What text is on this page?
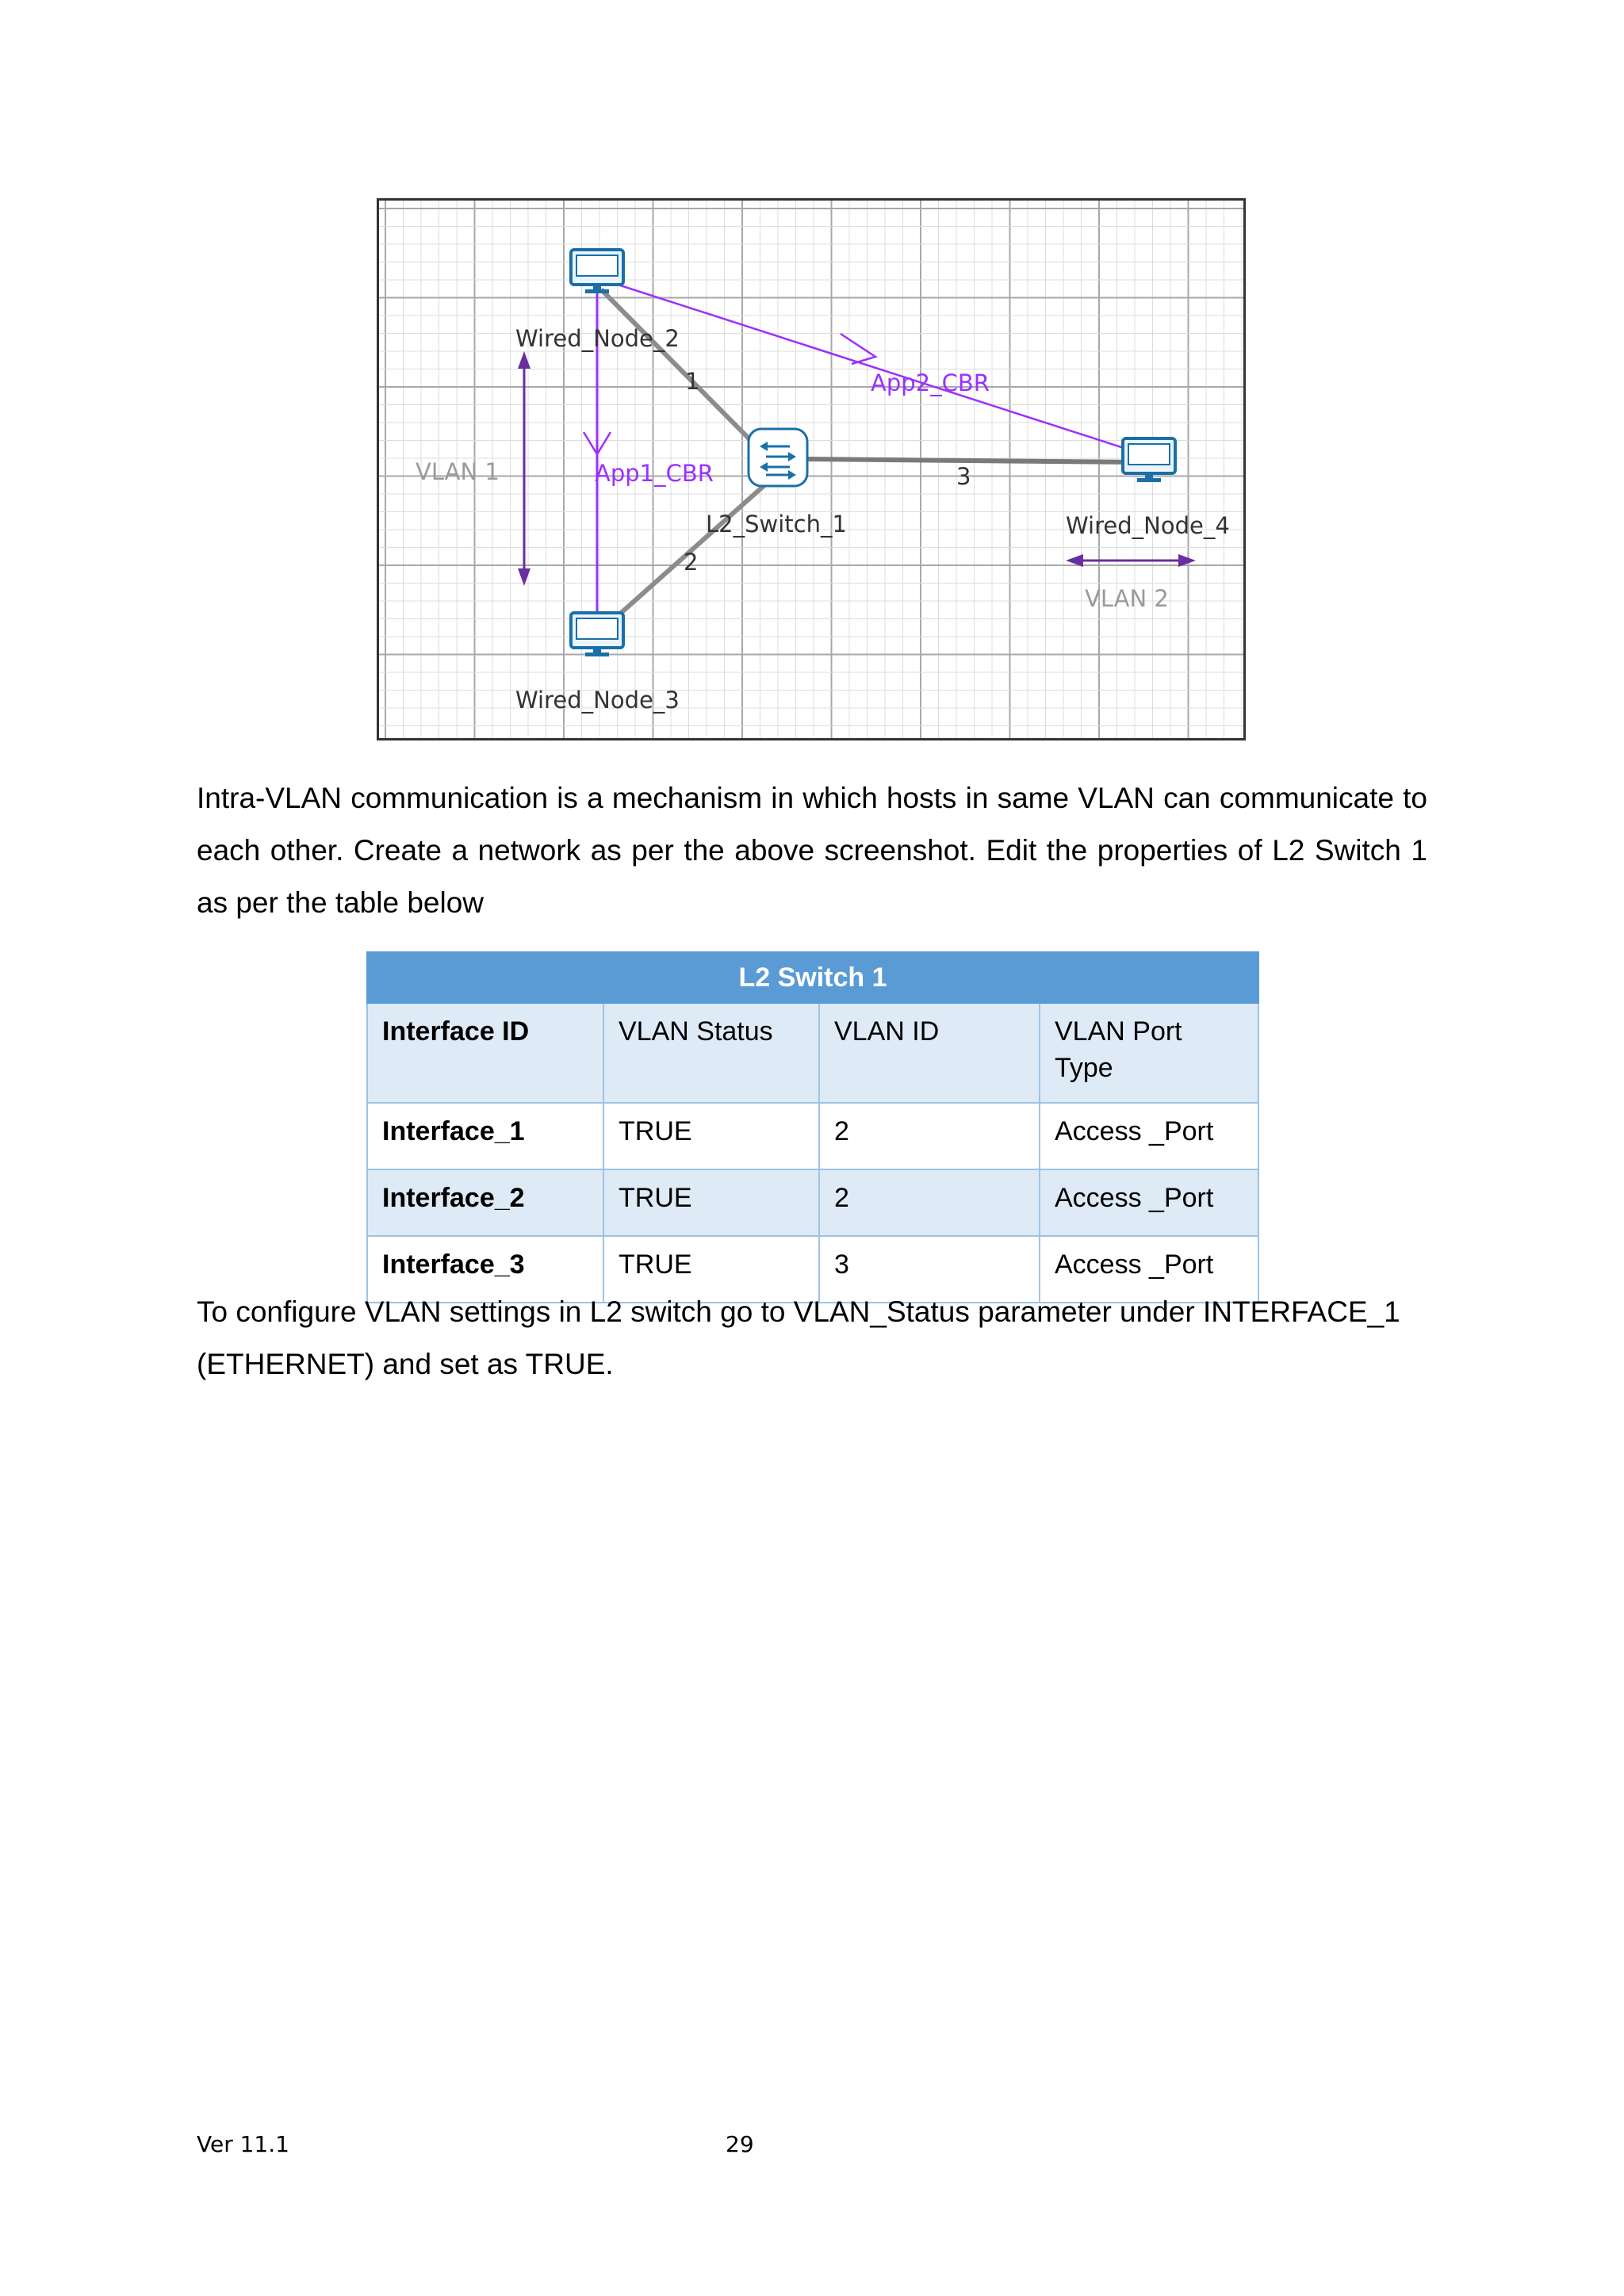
Wired_Node_2
Wired_Node_3
Wired_Node_4
L2_Switch_1
1
2
3
App1_CBR
App2_CBR
VLAN 1
VLAN 2
Intra-VLAN communication is a mechanism in which hosts in same VLAN can communicate to each other. Create a network as per the above screenshot. Edit the properties of L2 Switch 1 as per the table below
L2 Switch 1			
Interface ID	VLAN Status	VLAN ID	VLAN Port Type
Interface_1	TRUE	2	Access _Port
Interface_2	TRUE	2	Access _Port
Interface_3	TRUE	3	Access _Port
To configure VLAN settings in L2 switch go to VLAN_Status parameter under INTERFACE_1 (ETHERNET) and set as TRUE.
Ver 11.1	29
